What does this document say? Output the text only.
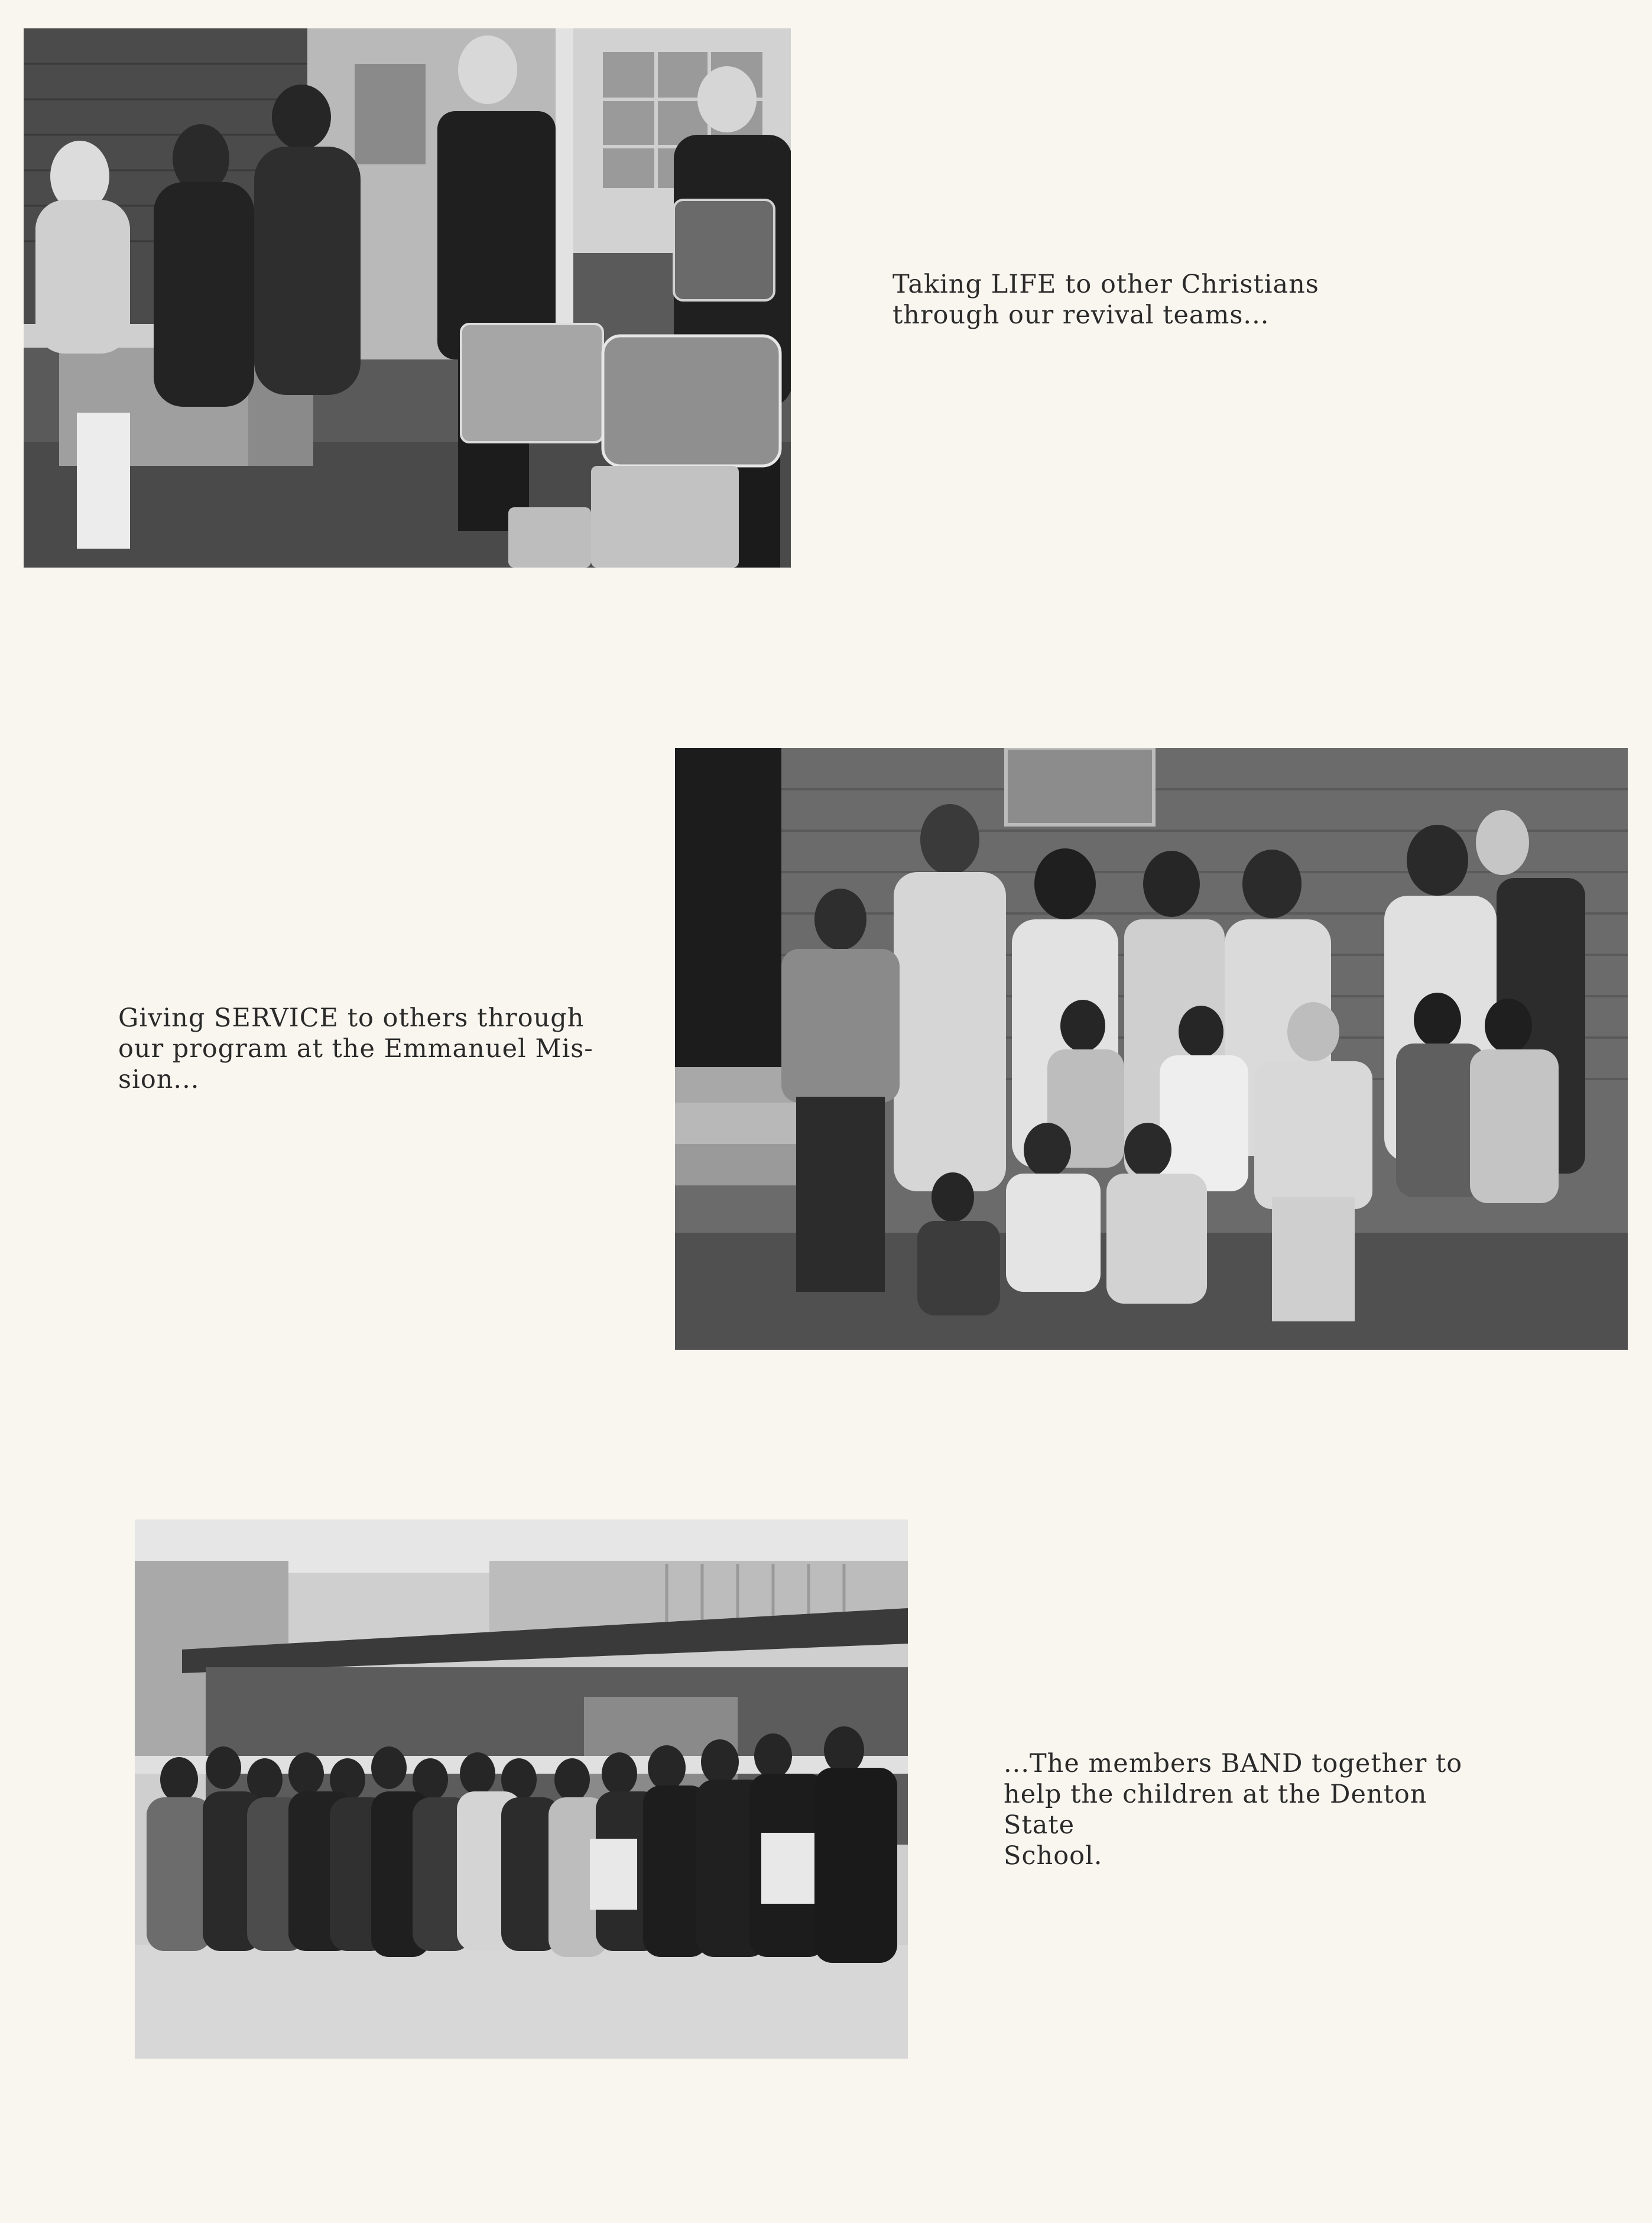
Taking LIFE to other Christians
through our revival teams...

Giving SERVICE to others through
our program at the Emmanuel Mis-
sion...

...The members BAND together to
help the children at the Denton State
School.
